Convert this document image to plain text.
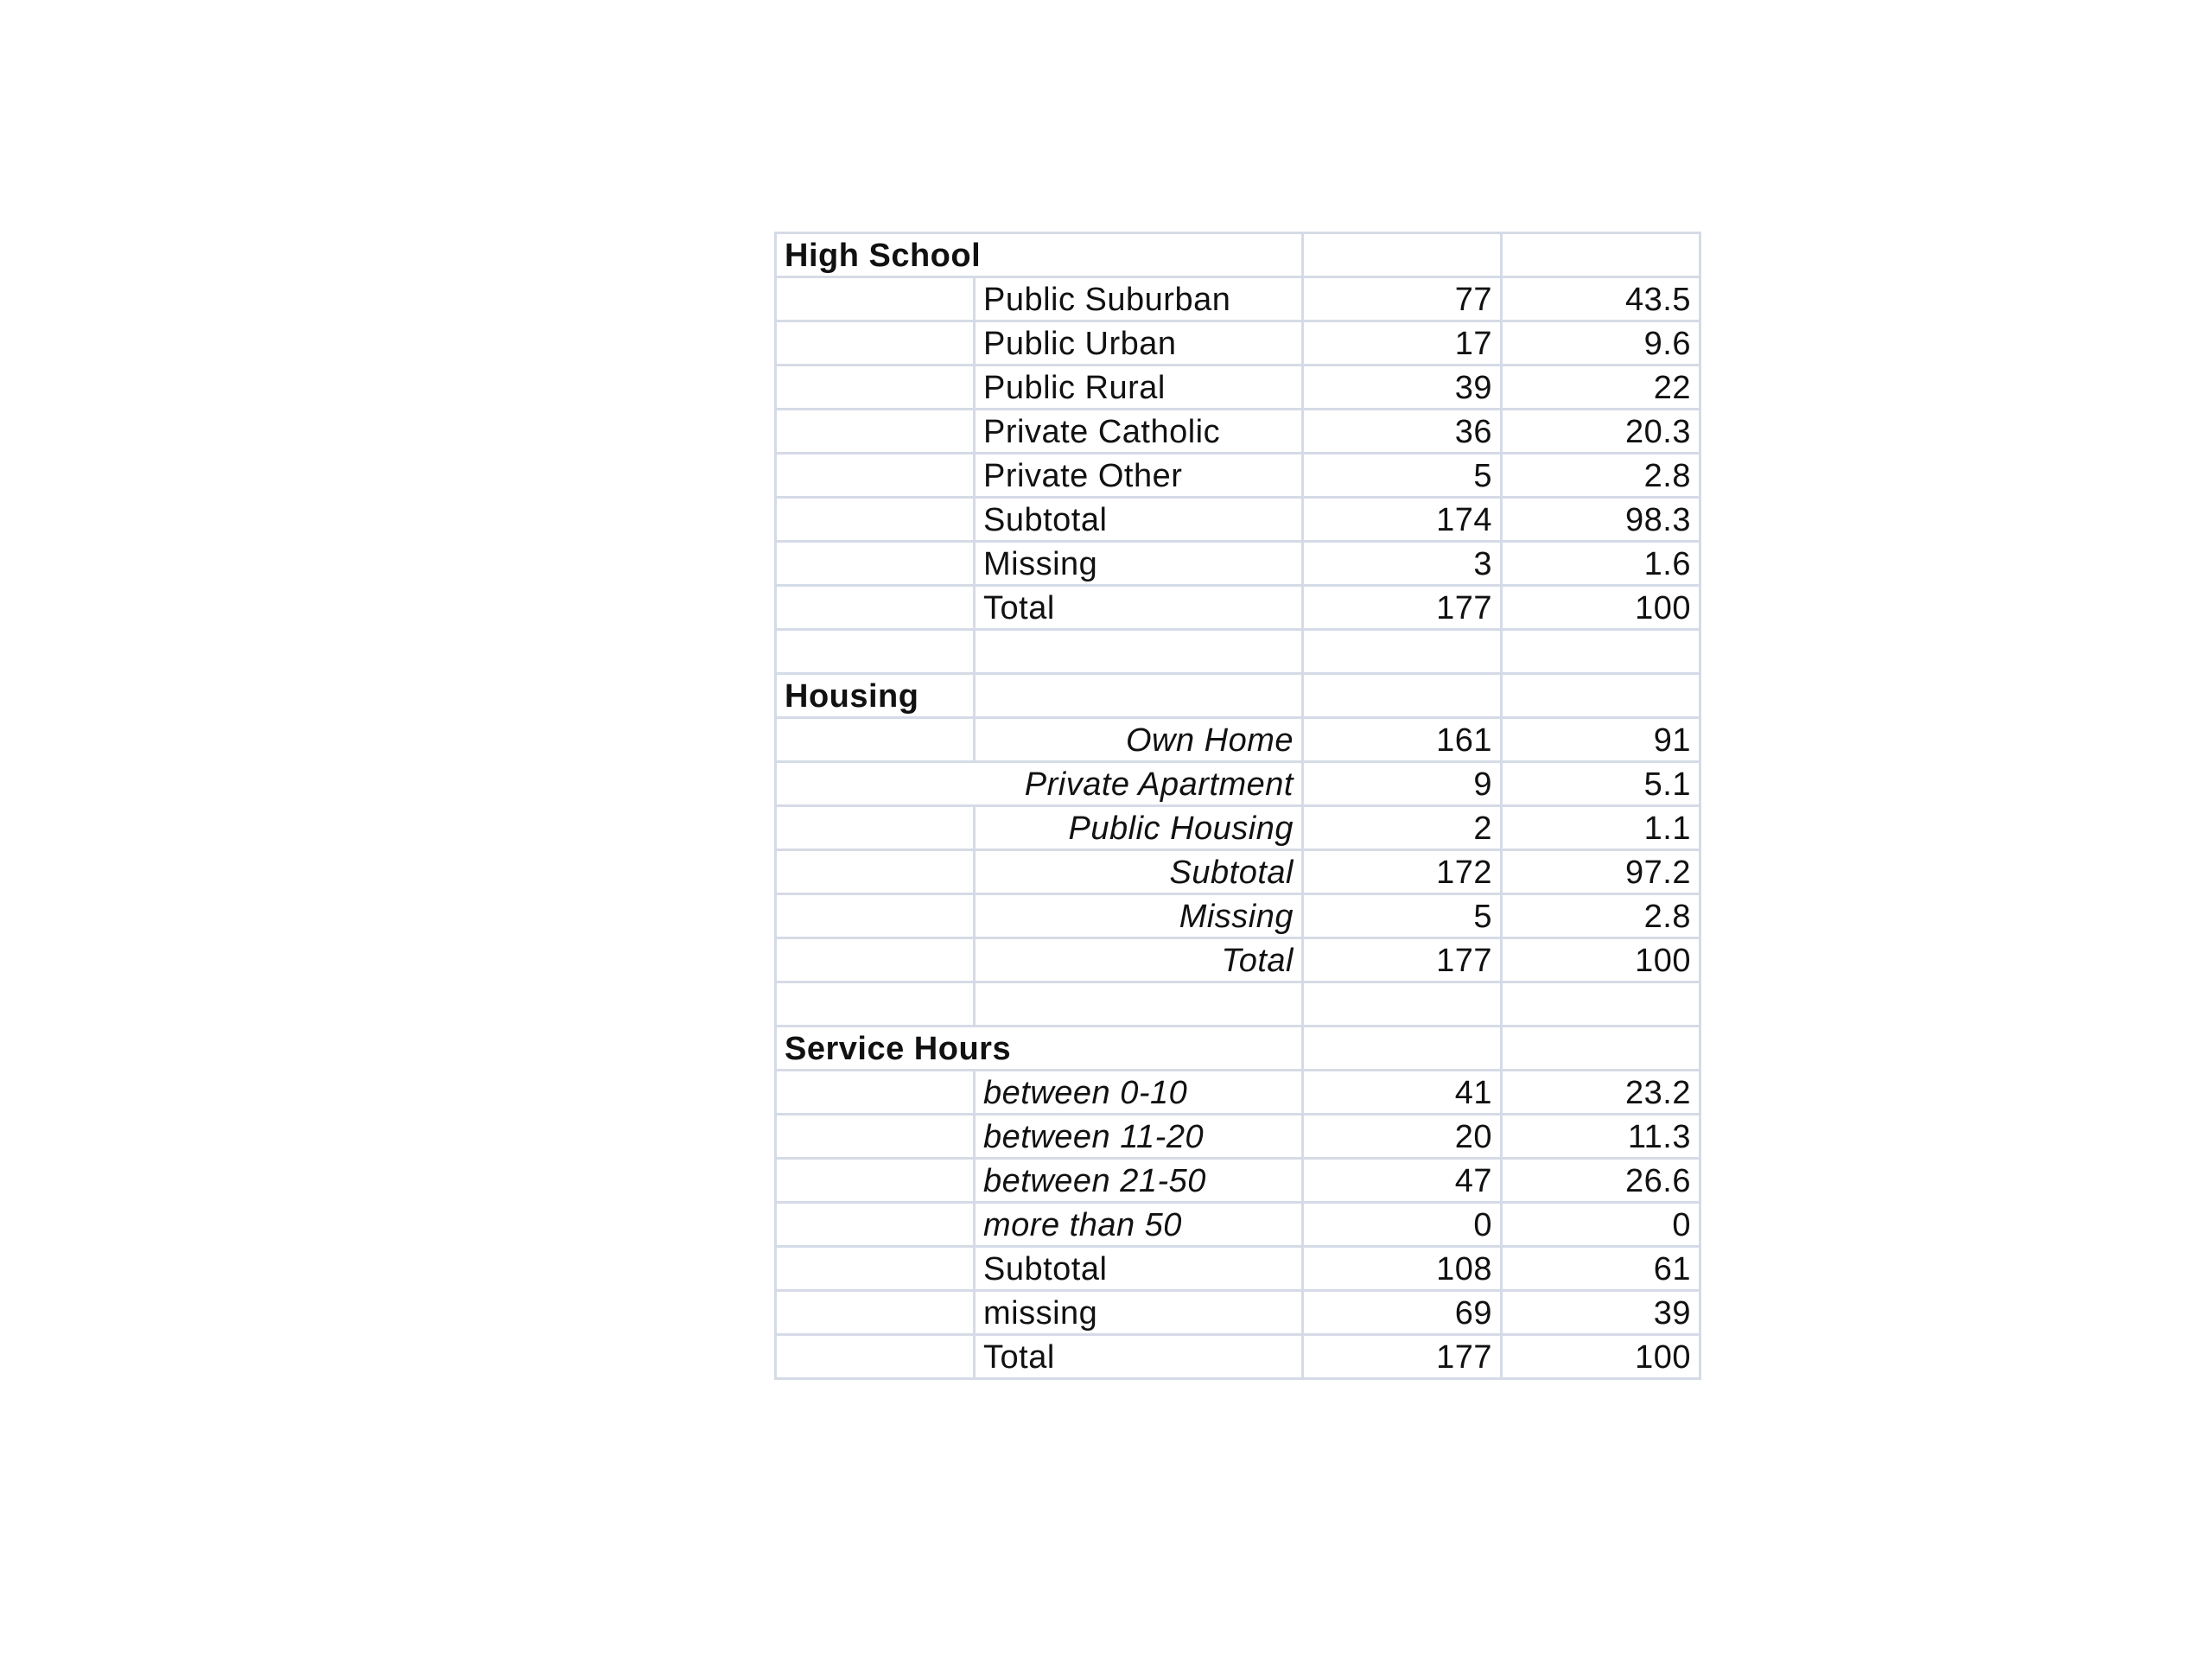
High School			
	Public Suburban	77	43.5
	Public Urban	17	9.6
	Public Rural	39	22
	Private Catholic	36	20.3
	Private Other	5	2.8
	Subtotal	174	98.3
	Missing	3	1.6
	Total	177	100

Housing			
	Own Home	161	91
Private Apartment		9	5.1
	Public Housing	2	1.1
	Subtotal	172	97.2
	Missing	5	2.8
	Total	177	100

Service Hours			
	between 0-10	41	23.2
	between 11-20	20	11.3
	between 21-50	47	26.6
	more than 50	0	0
	Subtotal	108	61
	missing	69	39
	Total	177	100
